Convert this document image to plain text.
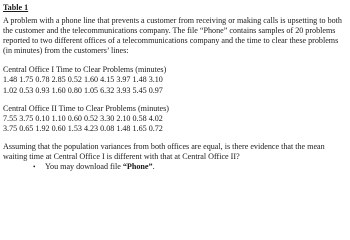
Table 1
A problem with a phone line that prevents a customer from receiving or making calls is upsetting to both the customer and the telecommunications company. The file “Phone” contains samples of 20 problems reported to two different offices of a telecommunications company and the time to clear these problems (in minutes) from the customers’ lines:
Central Office I Time to Clear Problems (minutes)
1.48 1.75 0.78 2.85 0.52 1.60 4.15 3.97 1.48 3.10
1.02 0.53 0.93 1.60 0.80 1.05 6.32 3.93 5.45 0.97
Central Office II Time to Clear Problems (minutes)
7.55 3.75 0.10 1.10 0.60 0.52 3.30 2.10 0.58 4.02
3.75 0.65 1.92 0.60 1.53 4.23 0.08 1.48 1.65 0.72
Assuming that the population variances from both offices are equal, is there evidence that the mean waiting time at Central Office I is different with that at Central Office II?
•	You may download file “Phone”.
